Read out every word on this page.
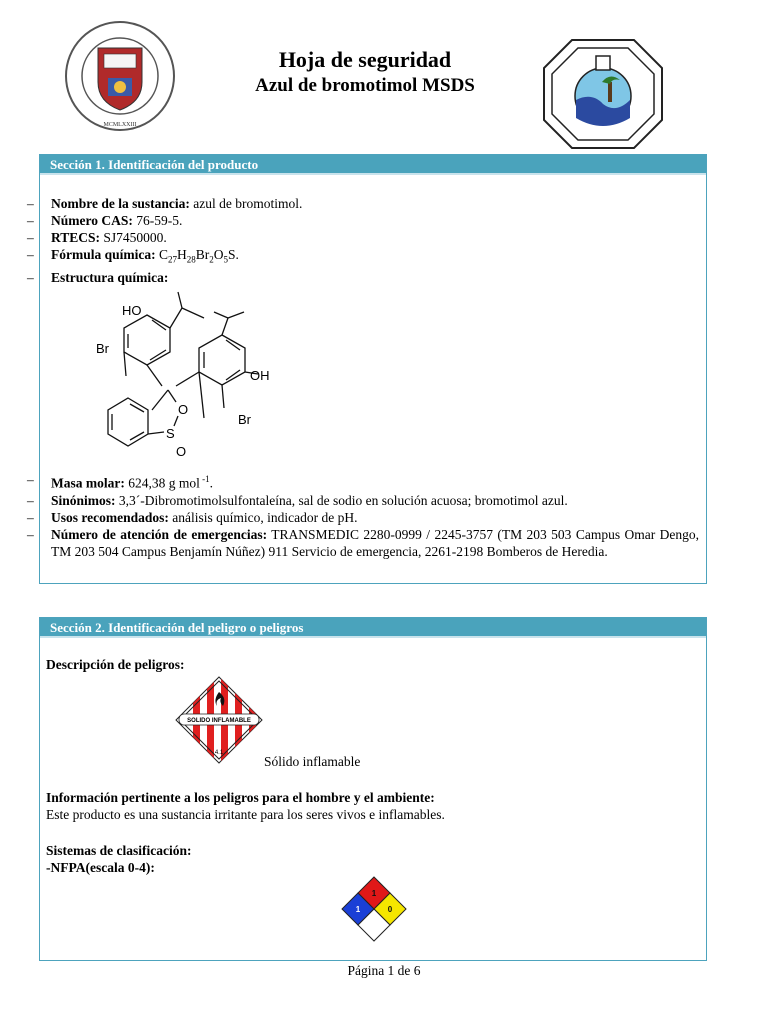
MCMLXXIII
Hoja de seguridad
Azul de bromotimol MSDS
Sección 1. Identificación del producto
– Nombre de la sustancia: azul de bromotimol.
– Número CAS: 76-59-5.
– RTECS: SJ7450000.
– Fórmula química: $C_{27}H_{28}Br_2O_5S$.
– Estructura química:
HO
Br
OH
Br
O
S
O
– Masa molar: 624,38 g mol $^{-1}$.
– Sinónimos: 3,3´-Dibromotimolsulfontaleína, sal de sodio en solución acuosa; bromotimol azul.
– Usos recomendados: análisis químico, indicador de pH.
– Número de atención de emergencias: TRANSMEDIC 2280-0999 / 2245-3757 (TM 203 503 Campus Omar Dengo, TM 203 504 Campus Benjamín Núñez) 911 Servicio de emergencia, 2261-2198 Bomberos de Heredia.
Sección 2. Identificación del peligro o peligros
Descripción de peligros:
SOLIDO INFLAMABLE
4.1
Sólido inflamable
Información pertinente a los peligros para el hombre y el ambiente:
Este producto es una sustancia irritante para los seres vivos e inflamables.
Sistemas de clasificación:
-NFPA(escala 0-4):
1
1	0
Página 1 de 6
